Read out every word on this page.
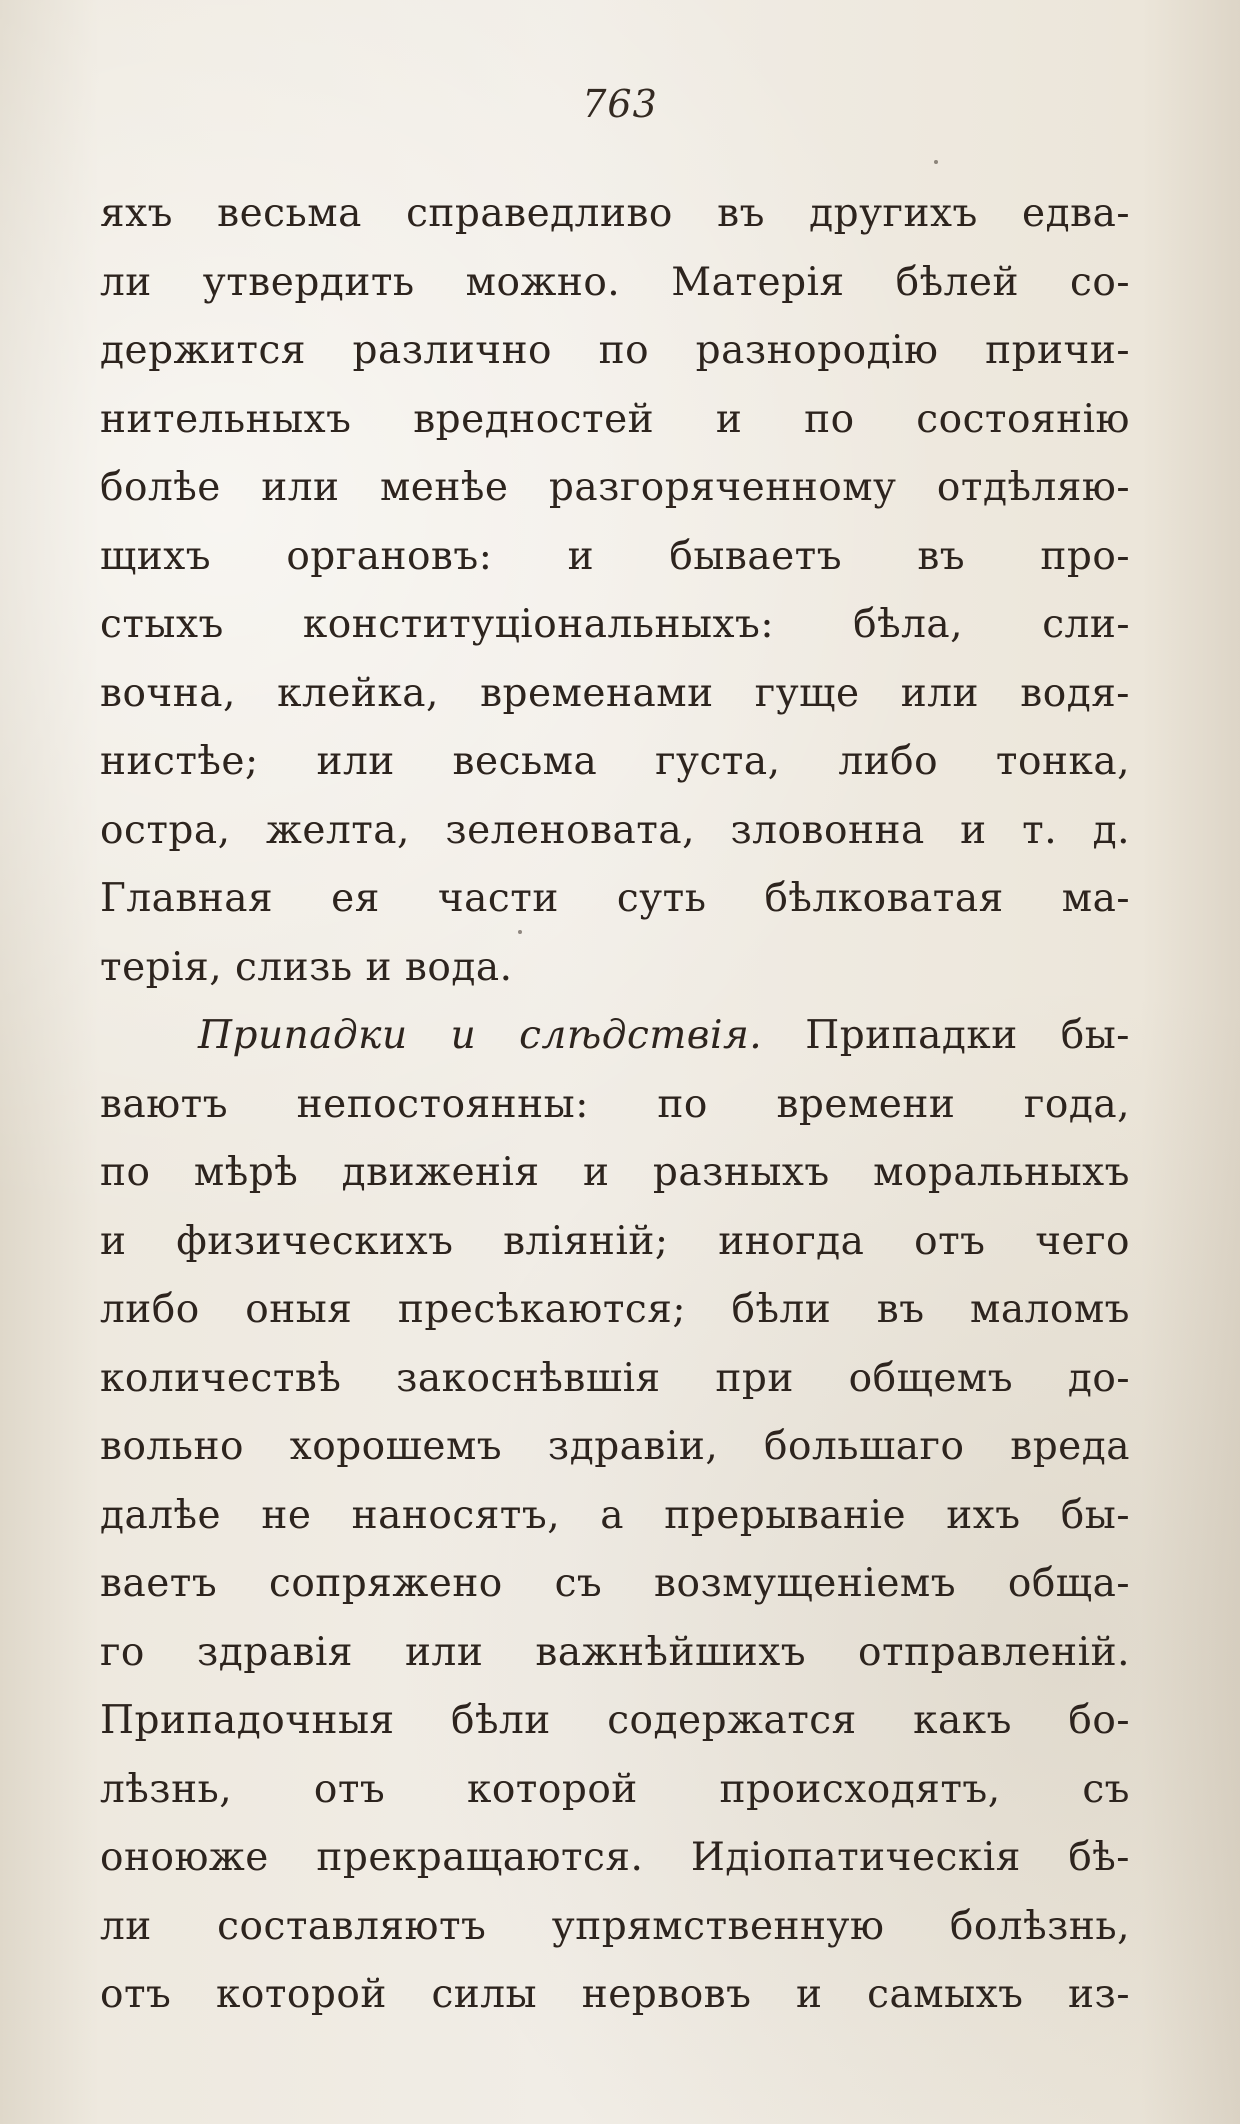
763
яхъ весьма справедливо въ другихъ едва-
ли утвердить можно. Матерія бѣлей со-
держится различно по разнородію причи-
нительныхъ вредностей и по состоянію
болѣе или менѣе разгоряченному отдѣляю-
щихъ органовъ: и бываетъ въ про-
стыхъ конституціональныхъ: бѣла, сли-
вочна, клейка, временами гуще или водя-
нистѣе; или весьма густа, либо тонка,
остра, желта, зеленовата, зловонна и т. д.
Главная ея части суть бѣлковатая ма-
терія, слизь и вода.
Припадки и слѣдствія. Припадки бы-
ваютъ непостоянны: по времени года,
по мѣрѣ движенія и разныхъ моральныхъ
и физическихъ вліяній; иногда отъ чего
либо оныя пресѣкаются; бѣли въ маломъ
количествѣ закоснѣвшія при общемъ до-
вольно хорошемъ здравіи, большаго вреда
далѣе не наносятъ, а прерываніе ихъ бы-
ваетъ сопряжено съ возмущеніемъ обща-
го здравія или важнѣйшихъ отправленій.
Припадочныя бѣли содержатся какъ бо-
лѣзнь, отъ которой происходятъ, съ
оноюже прекращаются. Идіопатическія бѣ-
ли составляютъ упрямственную болѣзнь,
отъ которой силы нервовъ и самыхъ из-
